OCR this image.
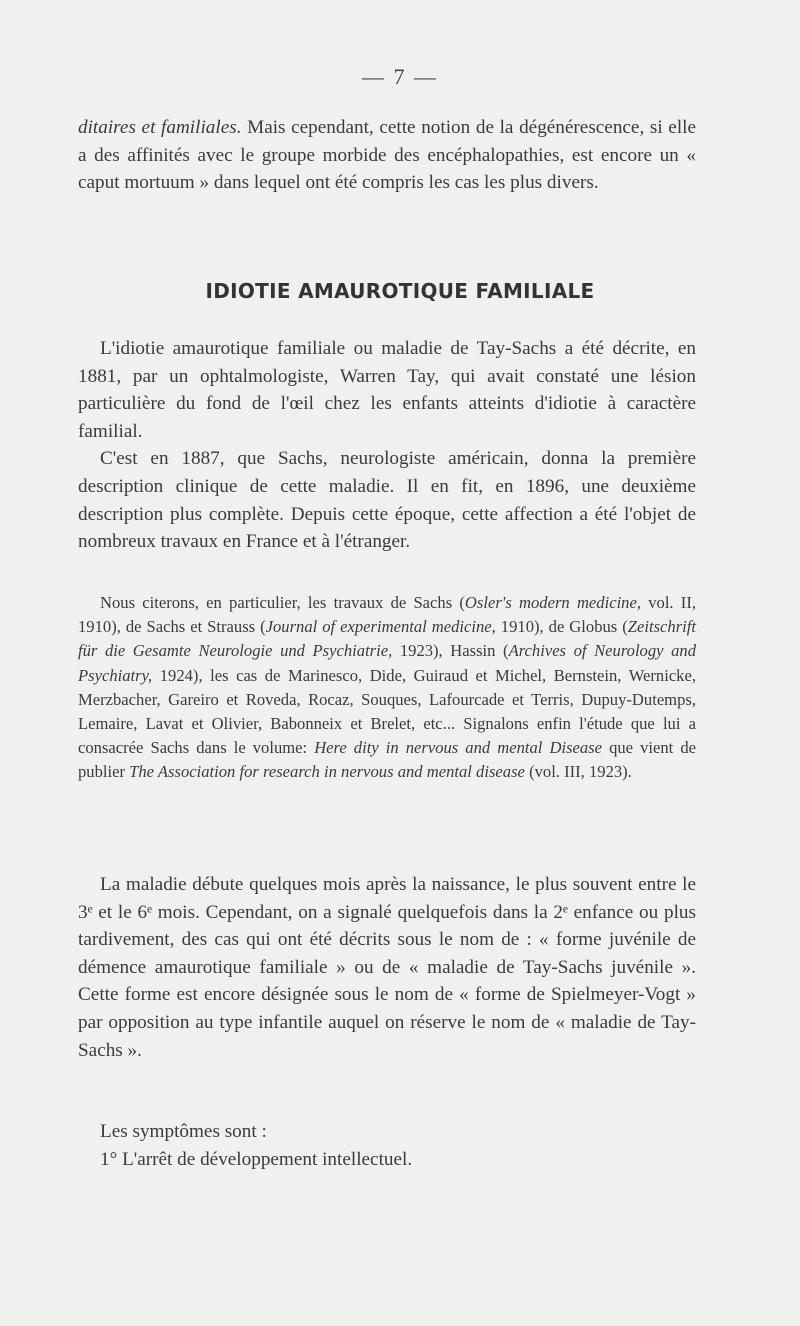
— 7 —

ditaires et familiales. Mais cependant, cette notion de la dégénérescence, si elle a des affinités avec le groupe morbide des encéphalopathies, est encore un « caput mortuum » dans lequel ont été compris les cas les plus divers.

IDIOTIE AMAUROTIQUE FAMILIALE

L'idiotie amaurotique familiale ou maladie de Tay-Sachs a été décrite, en 1881, par un ophtalmologiste, Warren Tay, qui avait constaté une lésion particulière du fond de l'œil chez les enfants atteints d'idiotie à caractère familial.

C'est en 1887, que Sachs, neurologiste américain, donna la première description clinique de cette maladie. Il en fit, en 1896, une deuxième description plus complète. Depuis cette époque, cette affection a été l'objet de nombreux travaux en France et à l'étranger.

Nous citerons, en particulier, les travaux de Sachs (Osler's modern medicine, vol. II, 1910), de Sachs et Strauss (Journal of experimental medicine, 1910), de Globus (Zeitschrift für die Gesamte Neurologie und Psychiatrie, 1923), Hassin (Archives of Neurology and Psychiatry, 1924), les cas de Marinesco, Dide, Guiraud et Michel, Bernstein, Wernicke, Merzbacher, Gareiro et Roveda, Rocaz, Souques, Lafourcade et Terris, Dupuy-Dutemps, Lemaire, Lavat et Olivier, Babonneix et Brelet, etc... Signalons enfin l'étude que lui a consacrée Sachs dans le volume: Here dity in nervous and mental Disease que vient de publier The Association for research in nervous and mental disease (vol. III, 1923).

La maladie débute quelques mois après la naissance, le plus souvent entre le 3ᵉ et le 6ᵉ mois. Cependant, on a signalé quelquefois dans la 2ᵉ enfance ou plus tardivement, des cas qui ont été décrits sous le nom de : « forme juvénile de démence amaurotique familiale » ou de « maladie de Tay-Sachs juvénile ». Cette forme est encore désignée sous le nom de « forme de Spielmeyer-Vogt » par opposition au type infantile auquel on réserve le nom de « maladie de Tay-Sachs ».

Les symptômes sont :

1° L'arrêt de développement intellectuel.
